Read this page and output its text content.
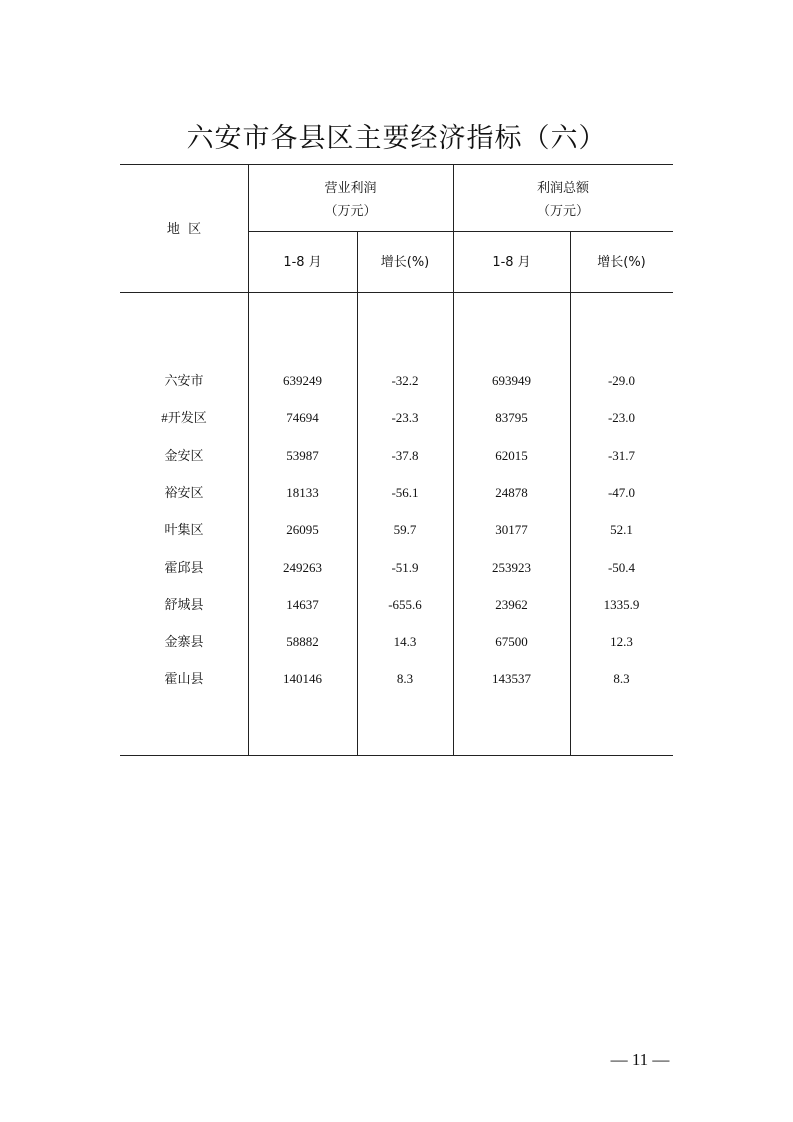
六安市各县区主要经济指标（六）
地  区
营业利润
（万元）
利润总额
（万元）
1-8 月	增长(%)	1-8 月	增长(%)
六安市	639249	-32.2	693949	-29.0
#开发区	74694	-23.3	83795	-23.0
金安区	53987	-37.8	62015	-31.7
裕安区	18133	-56.1	24878	-47.0
叶集区	26095	59.7	30177	52.1
霍邱县	249263	-51.9	253923	-50.4
舒城县	14637	-655.6	23962	1335.9
金寨县	58882	14.3	67500	12.3
霍山县	140146	8.3	143537	8.3
— 11 —
